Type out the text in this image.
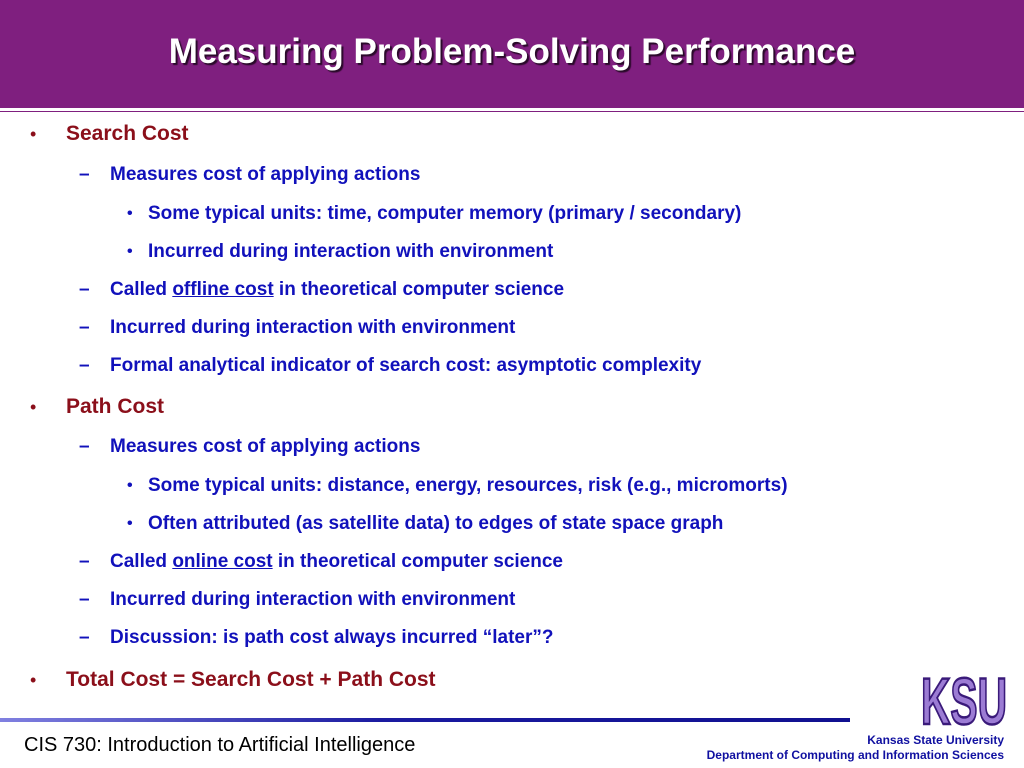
Measuring Problem-Solving Performance
• Search Cost
– Measures cost of applying actions
• Some typical units: time, computer memory (primary / secondary)
• Incurred during interaction with environment
– Called offline cost in theoretical computer science
– Incurred during interaction with environment
– Formal analytical indicator of search cost: asymptotic complexity
• Path Cost
– Measures cost of applying actions
• Some typical units: distance, energy, resources, risk (e.g., micromorts)
• Often attributed (as satellite data) to edges of state space graph
– Called online cost in theoretical computer science
– Incurred during interaction with environment
– Discussion: is path cost always incurred “later”?
• Total Cost = Search Cost + Path Cost
CIS 730: Introduction to Artificial Intelligence
KSU
Kansas State University
Department of Computing and Information Sciences
